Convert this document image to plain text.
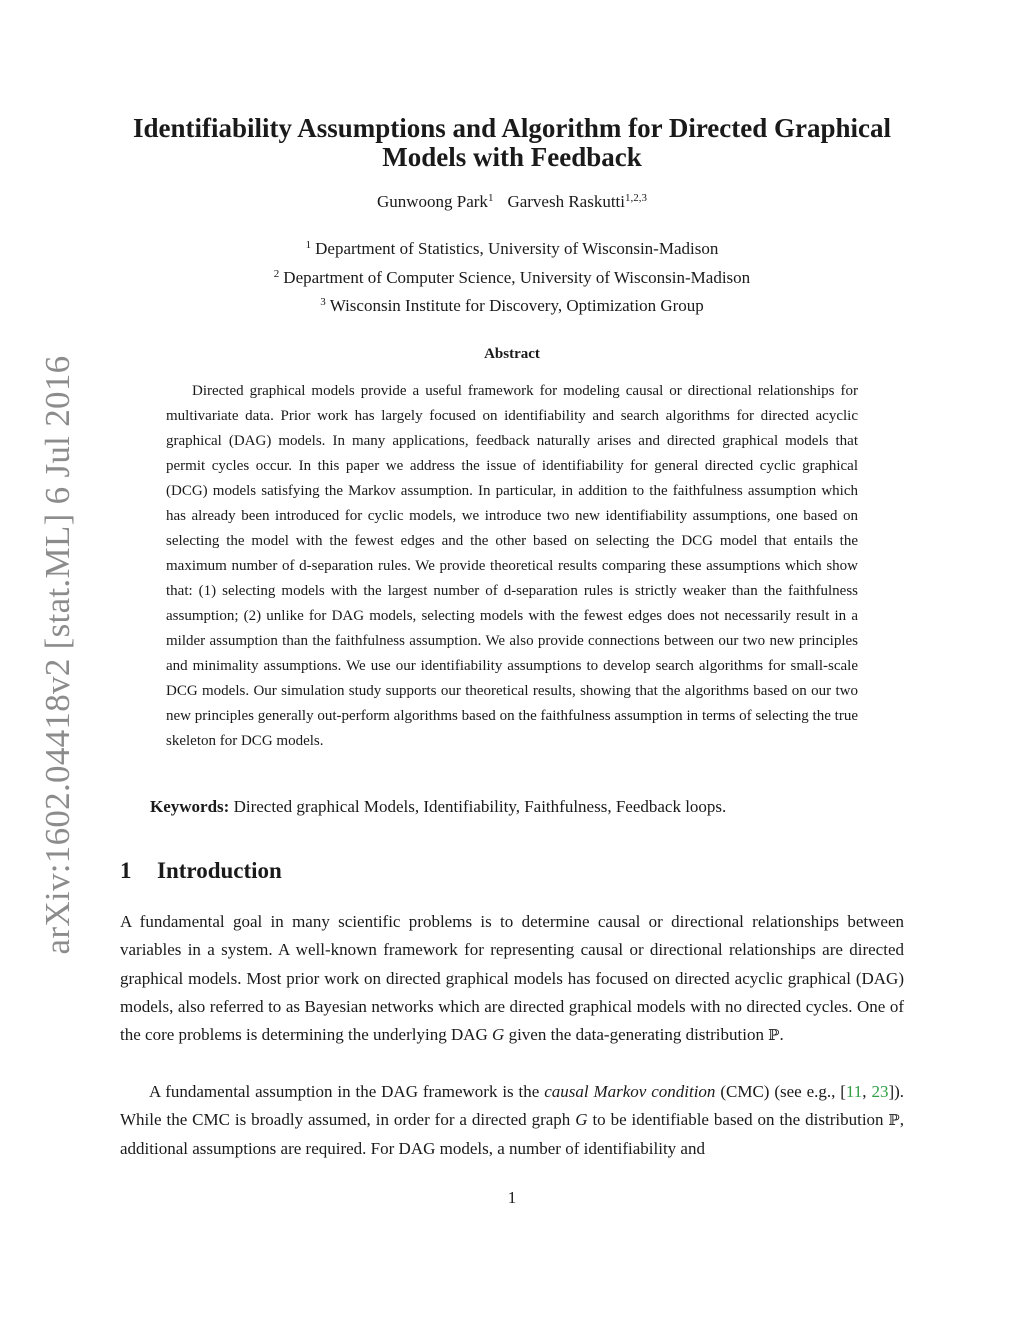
arXiv:1602.04418v2 [stat.ML] 6 Jul 2016
Identifiability Assumptions and Algorithm for Directed Graphical Models with Feedback
Gunwoong Park$^1$ Garvesh Raskutti$^{1,2,3}$
$^1$ Department of Statistics, University of Wisconsin-Madison
$^2$ Department of Computer Science, University of Wisconsin-Madison
$^3$ Wisconsin Institute for Discovery, Optimization Group
Abstract

Directed graphical models provide a useful framework for modeling causal or directional relationships for multivariate data. Prior work has largely focused on identifiability and search algorithms for directed acyclic graphical (DAG) models. In many applications, feedback naturally arises and directed graphical models that permit cycles occur. In this paper we address the issue of identifiability for general directed cyclic graphical (DCG) models satisfying the Markov assumption. In particular, in addition to the faithfulness assumption which has already been introduced for cyclic models, we introduce two new identifiability assumptions, one based on selecting the model with the fewest edges and the other based on selecting the DCG model that entails the maximum number of d-separation rules. We provide theoretical results comparing these assumptions which show that: (1) selecting models with the largest number of d-separation rules is strictly weaker than the faithfulness assumption; (2) unlike for DAG models, selecting models with the fewest edges does not necessarily result in a milder assumption than the faithfulness assumption. We also provide connections between our two new principles and minimality assumptions. We use our identifiability assumptions to develop search algorithms for small-scale DCG models. Our simulation study supports our theoretical results, showing that the algorithms based on our two new principles generally out-perform algorithms based on the faithfulness assumption in terms of selecting the true skeleton for DCG models.

Keywords: Directed graphical Models, Identifiability, Faithfulness, Feedback loops.
1 Introduction

A fundamental goal in many scientific problems is to determine causal or directional relationships between variables in a system. A well-known framework for representing causal or directional relationships are directed graphical models. Most prior work on directed graphical models has focused on directed acyclic graphical (DAG) models, also referred to as Bayesian networks which are directed graphical models with no directed cycles. One of the core problems is determining the underlying DAG G given the data-generating distribution ℙ.

A fundamental assumption in the DAG framework is the causal Markov condition (CMC) (see e.g., [11, 23]). While the CMC is broadly assumed, in order for a directed graph G to be identifiable based on the distribution ℙ, additional assumptions are required. For DAG models, a number of identifiability and

1
